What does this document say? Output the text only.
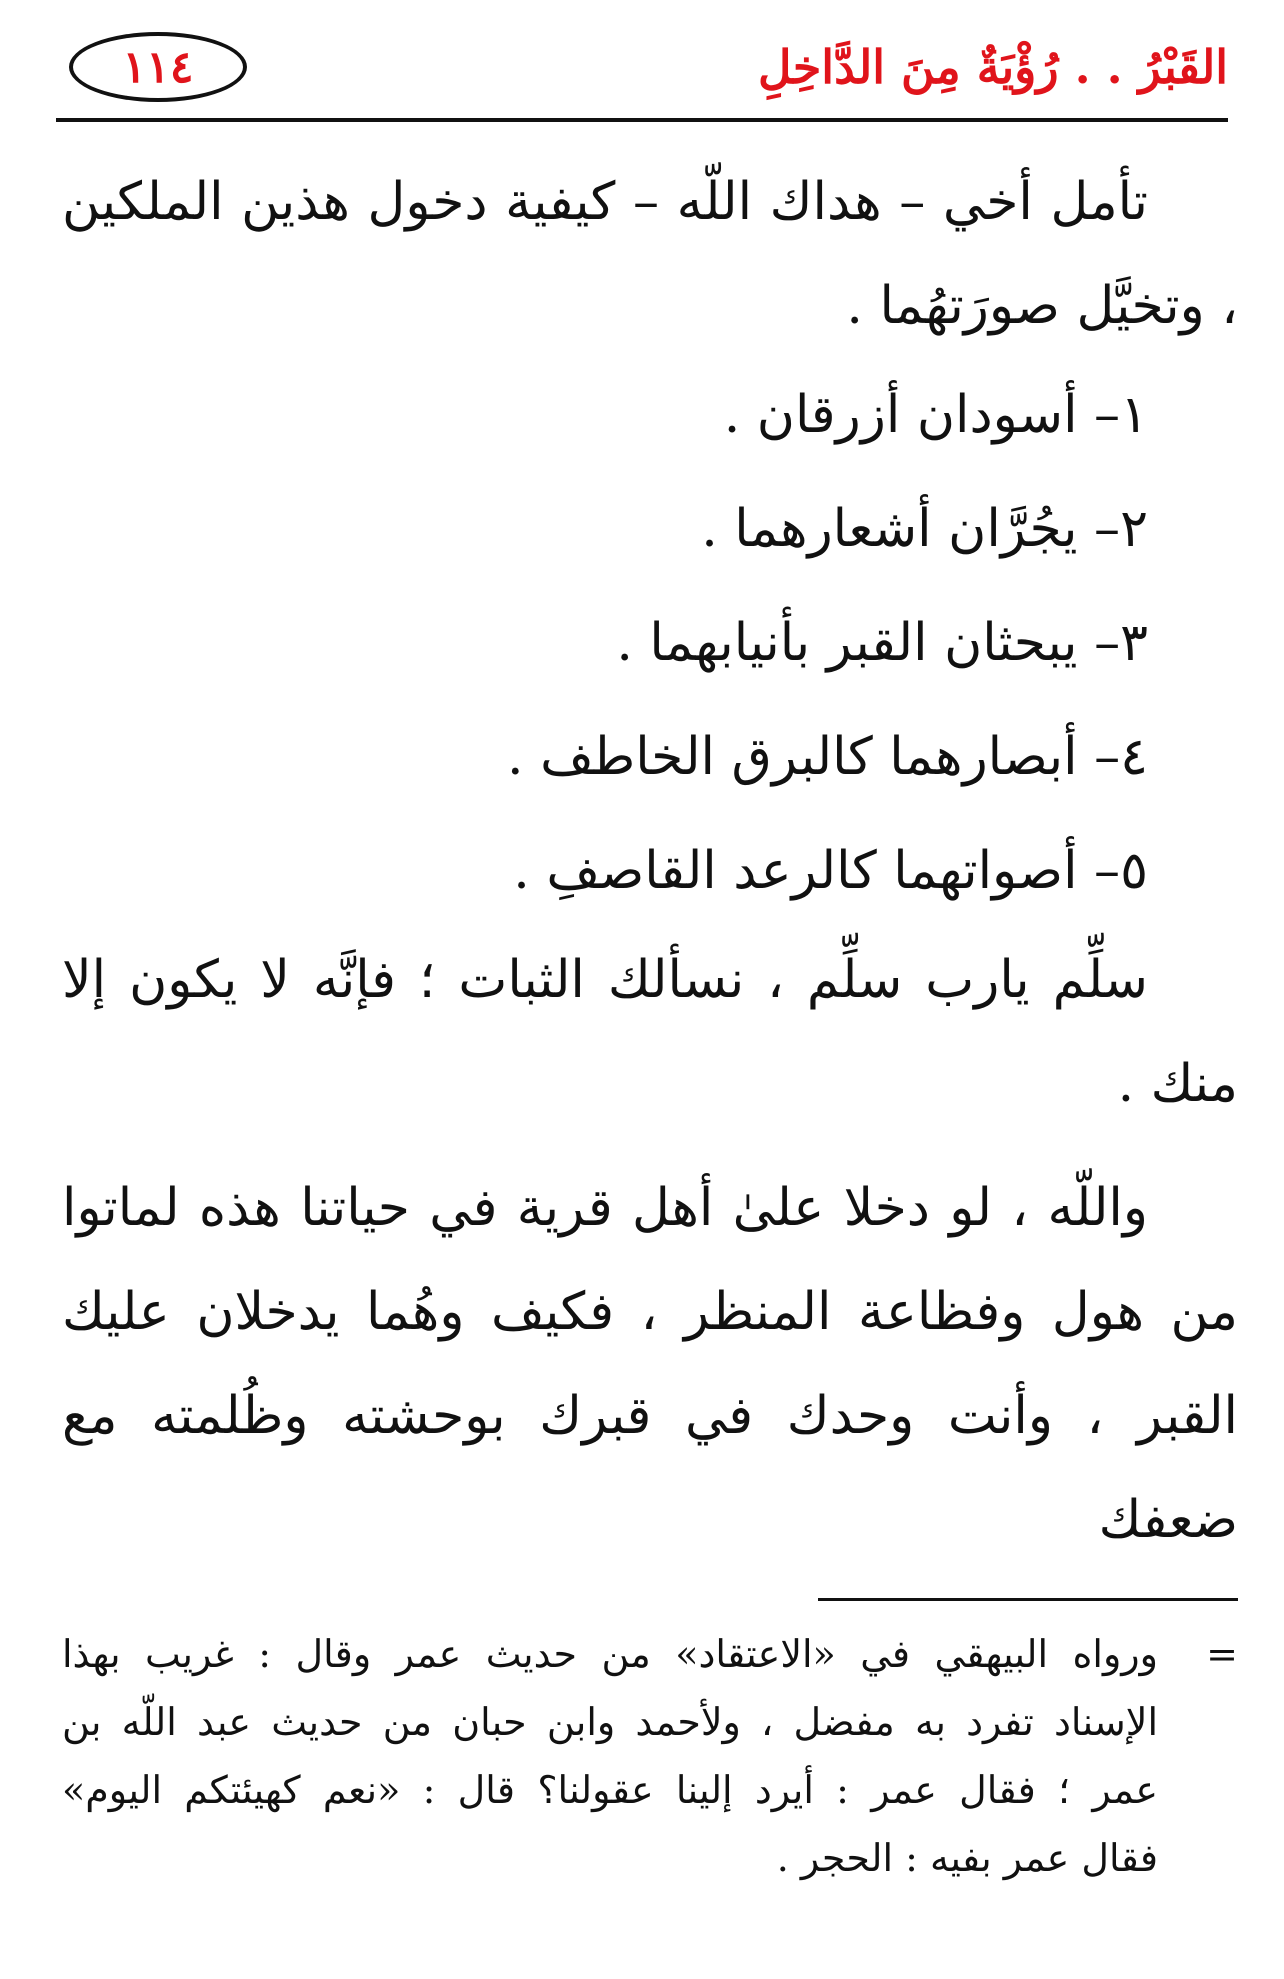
١١٤	القَبْرُ . . رُؤْيَةٌ مِنَ الدَّاخِلِ

تأمل أخي – هداك اللّه – كيفية دخول هذين الملكين ، وتخيَّل صورَتهُما .

١– أسودان أزرقان .
٢– يجُرَّان أشعارهما .
٣– يبحثان القبر بأنيابهما .
٤– أبصارهما كالبرق الخاطف .
٥– أصواتهما كالرعد القاصفِ .

سلِّم يارب سلِّم ، نسألك الثبات ؛ فإنَّه لا يكون إلا منك .

واللّه ، لو دخلا علىٰ أهل قرية في حياتنا هذه لماتوا من هول وفظاعة المنظر ، فكيف وهُما يدخلان عليك القبر ، وأنت وحدك في قبرك بوحشته وظُلمته مع ضعفك

=
ورواه البيهقي في «الاعتقاد» من حديث عمر وقال : غريب بهذا
الإسناد تفرد به مفضل ، ولأحمد وابن حبان من حديث عبد اللّه بن
عمر ؛ فقال عمر : أيرد إلينا عقولنا؟ قال : «نعم كهيئتكم اليوم»
فقال عمر بفيه : الحجر .
